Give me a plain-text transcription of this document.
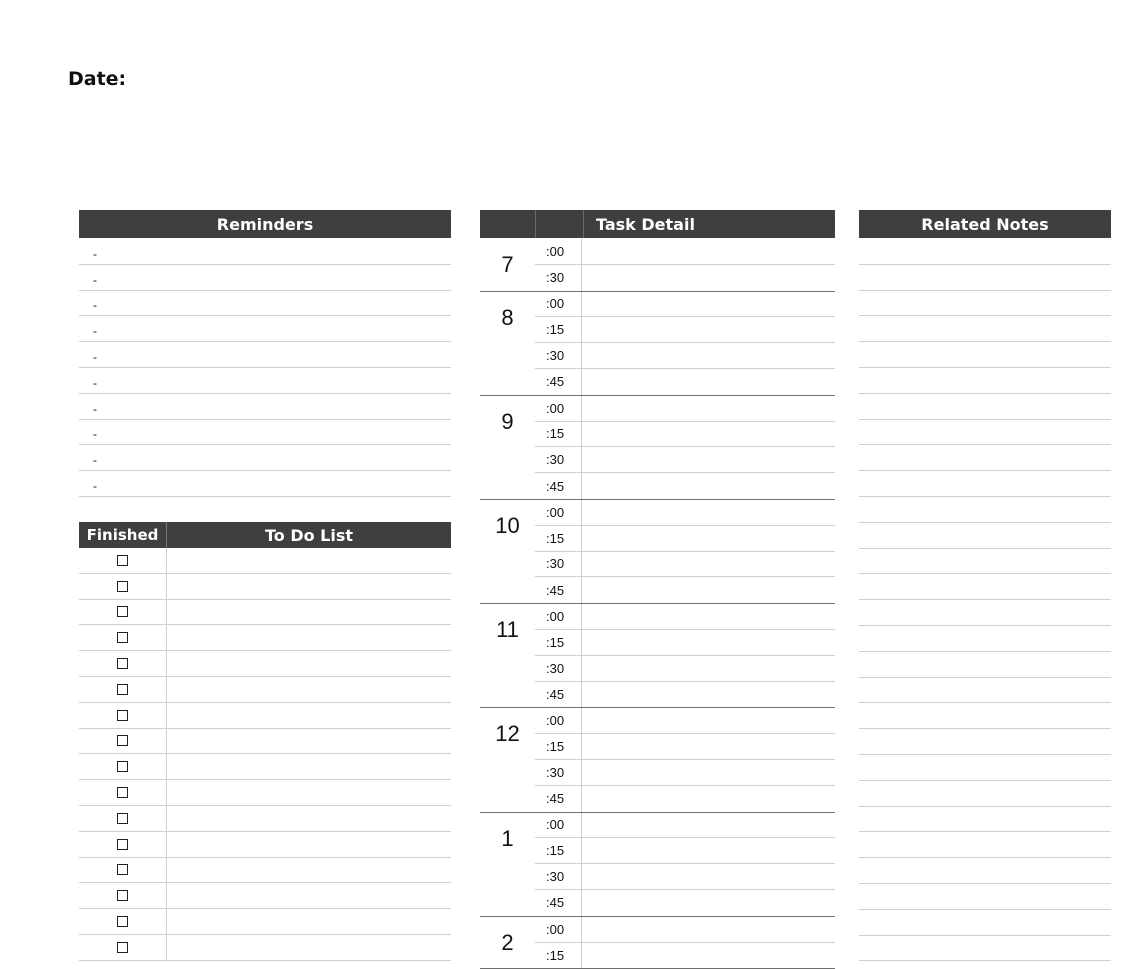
Date:
Reminders
-
-
-
-
-
-
-
-
-
-
Finished	To Do List
Task Detail
7
:00
:30
8
:00
:15
:30
:45
9
:00
:15
:30
:45
10
:00
:15
:30
:45
11
:00
:15
:30
:45
12
:00
:15
:30
:45
1
:00
:15
:30
:45
2
:00
:15
Related Notes
